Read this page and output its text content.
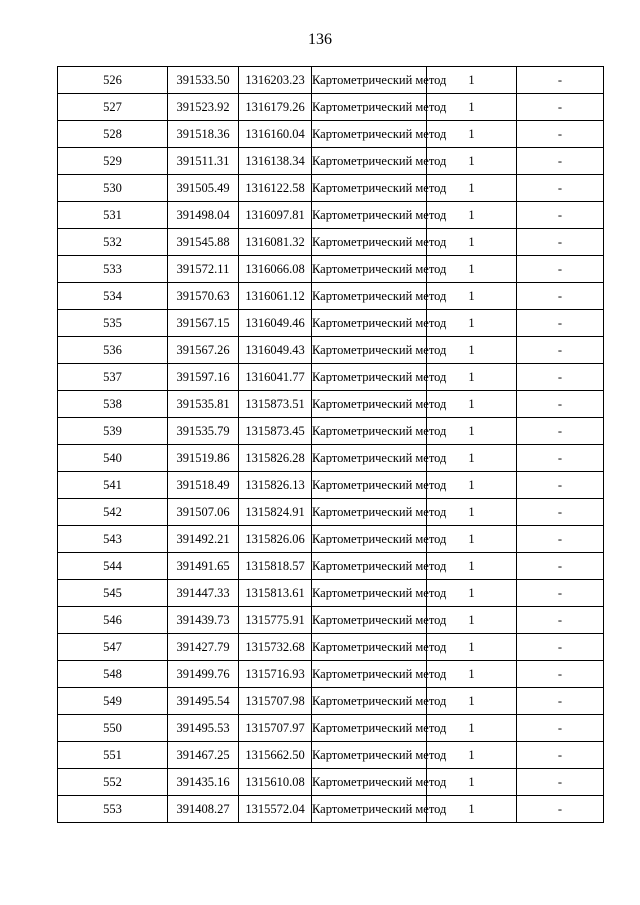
136
526	391533.50	1316203.23	Картометрический метод	1	-
527	391523.92	1316179.26	Картометрический метод	1	-
528	391518.36	1316160.04	Картометрический метод	1	-
529	391511.31	1316138.34	Картометрический метод	1	-
530	391505.49	1316122.58	Картометрический метод	1	-
531	391498.04	1316097.81	Картометрический метод	1	-
532	391545.88	1316081.32	Картометрический метод	1	-
533	391572.11	1316066.08	Картометрический метод	1	-
534	391570.63	1316061.12	Картометрический метод	1	-
535	391567.15	1316049.46	Картометрический метод	1	-
536	391567.26	1316049.43	Картометрический метод	1	-
537	391597.16	1316041.77	Картометрический метод	1	-
538	391535.81	1315873.51	Картометрический метод	1	-
539	391535.79	1315873.45	Картометрический метод	1	-
540	391519.86	1315826.28	Картометрический метод	1	-
541	391518.49	1315826.13	Картометрический метод	1	-
542	391507.06	1315824.91	Картометрический метод	1	-
543	391492.21	1315826.06	Картометрический метод	1	-
544	391491.65	1315818.57	Картометрический метод	1	-
545	391447.33	1315813.61	Картометрический метод	1	-
546	391439.73	1315775.91	Картометрический метод	1	-
547	391427.79	1315732.68	Картометрический метод	1	-
548	391499.76	1315716.93	Картометрический метод	1	-
549	391495.54	1315707.98	Картометрический метод	1	-
550	391495.53	1315707.97	Картометрический метод	1	-
551	391467.25	1315662.50	Картометрический метод	1	-
552	391435.16	1315610.08	Картометрический метод	1	-
553	391408.27	1315572.04	Картометрический метод	1	-
